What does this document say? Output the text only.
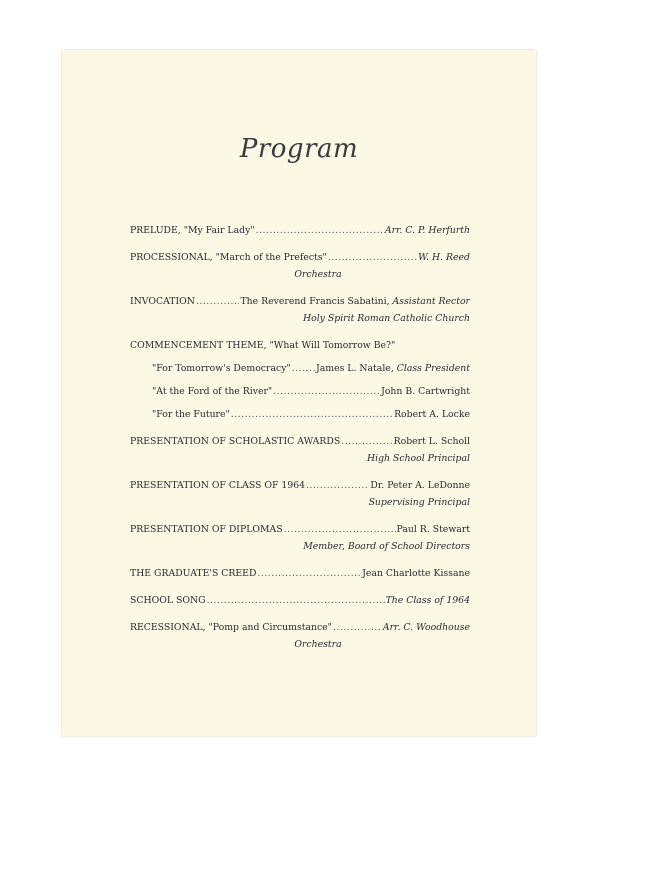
Program
PRELUDE, "My Fair Lady" .....	Arr. C. P. Herfurth
PROCESSIONAL, "March of the Prefects" .....	W. H. Reed
Orchestra
INVOCATION .....	The Reverend Francis Sabatini,
Assistant Rector
Holy Spirit Roman Catholic Church
COMMENCEMENT THEME, "What Will Tomorrow Be?"
"For Tomorrow's Democracy" .....	James L. Natale,
Class President
"At the Ford of the River" .....	John B. Cartwright
"For the Future" .....	Robert A. Locke
PRESENTATION OF SCHOLASTIC AWARDS .....	Robert L. Scholl
High School Principal
PRESENTATION OF CLASS OF 1964 .....	Dr. Peter A. LeDonne
Supervising Principal
PRESENTATION OF DIPLOMAS .....	Paul R. Stewart
Member, Board of School Directors
THE GRADUATE'S CREED .....	Jean Charlotte Kissane
SCHOOL SONG .....	The Class of 1964
RECESSIONAL, "Pomp and Circumstance" .....	Arr. C. Woodhouse
Orchestra
